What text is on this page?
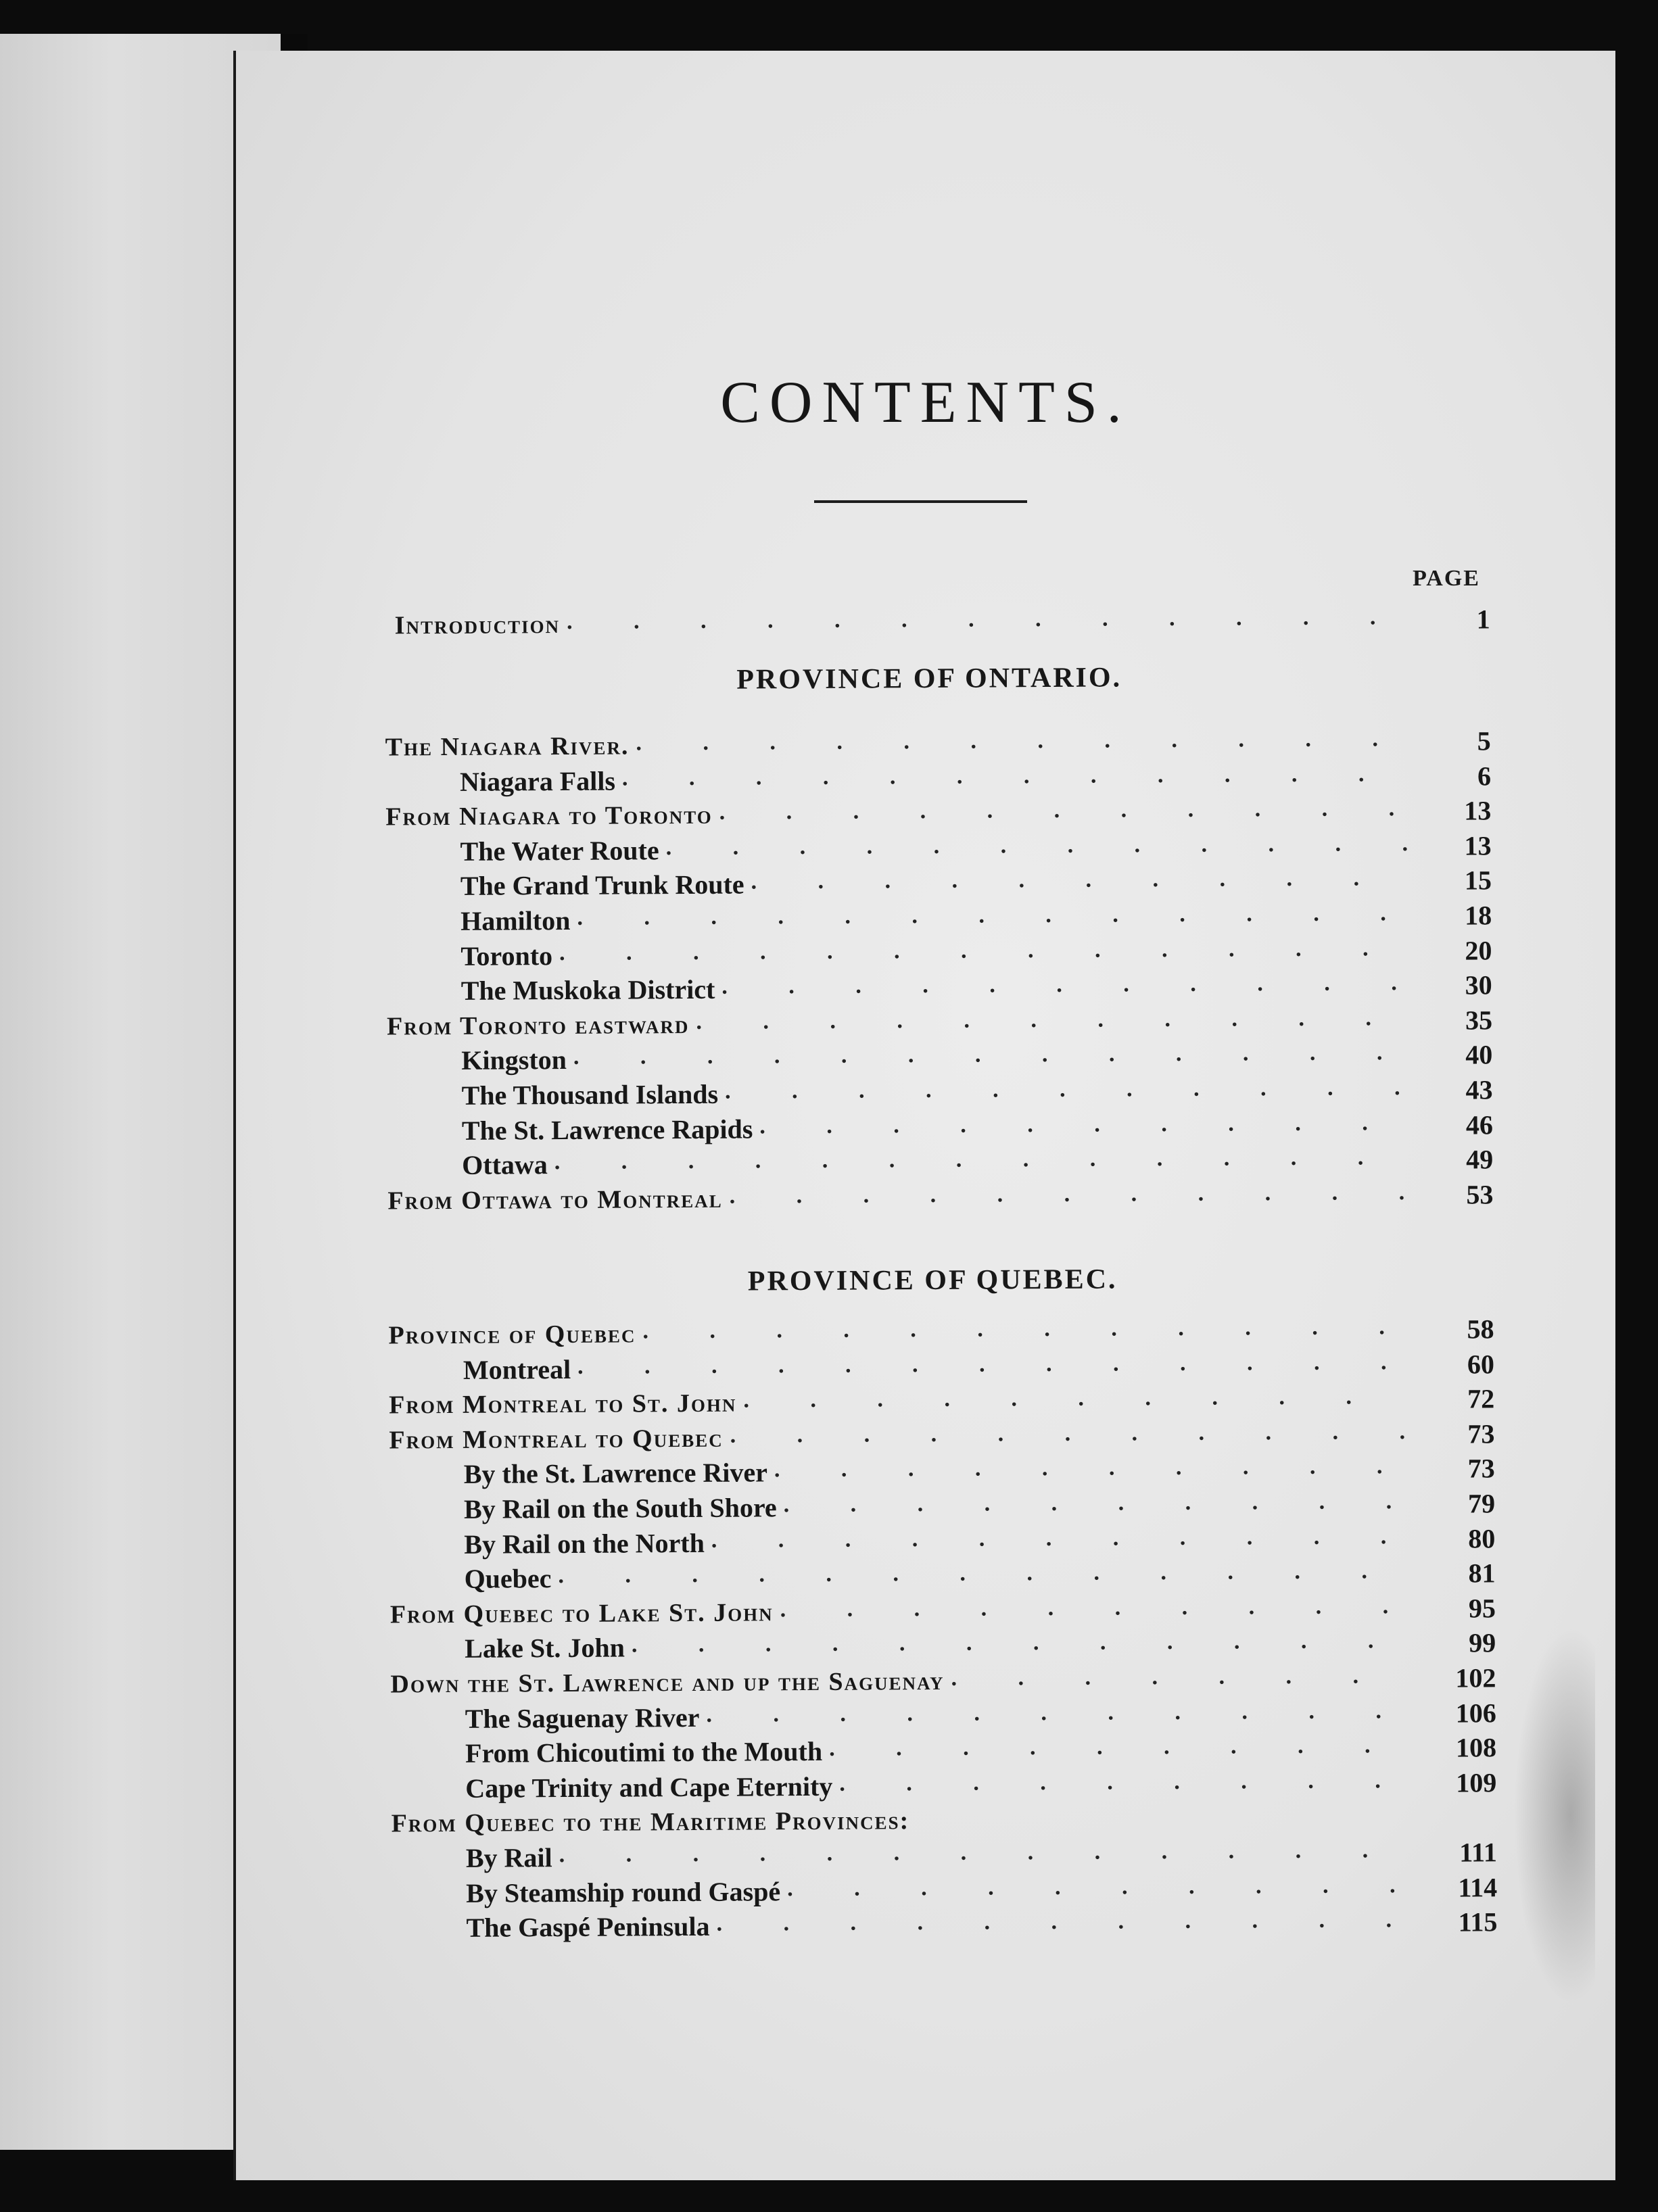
CONTENTS.
PAGE
Introduction . . .	1
PROVINCE OF ONTARIO.
PROVINCE OF QUEBEC.
The Niagara River. . . .	5
Niagara Falls . . .	6
From Niagara to Toronto . . .	13
The Water Route . . .	13
The Grand Trunk Route . . .	15
Hamilton . . .	18
Toronto . . .	20
The Muskoka District . . .	30
From Toronto eastward . . .	35
Kingston . . .	40
The Thousand Islands . . .	43
The St. Lawrence Rapids . . .	46
Ottawa . . .	49
From Ottawa to Montreal . . .	53
Province of Quebec . . .	58
Montreal . . .	60
From Montreal to St. John . . .	72
From Montreal to Quebec . . .	73
By the St. Lawrence River . . .	73
By Rail on the South Shore . . .	79
By Rail on the North . . .	80
Quebec . . .	81
From Quebec to Lake St. John . . .	95
Lake St. John . . .	99
Down the St. Lawrence and up the Saguenay . . .	102
The Saguenay River . . .	106
From Chicoutimi to the Mouth . . .	108
Cape Trinity and Cape Eternity . . .	109
From Quebec to the Maritime Provinces:
By Rail . . .	111
By Steamship round Gaspé . . .	114
The Gaspé Peninsula . . .	115
